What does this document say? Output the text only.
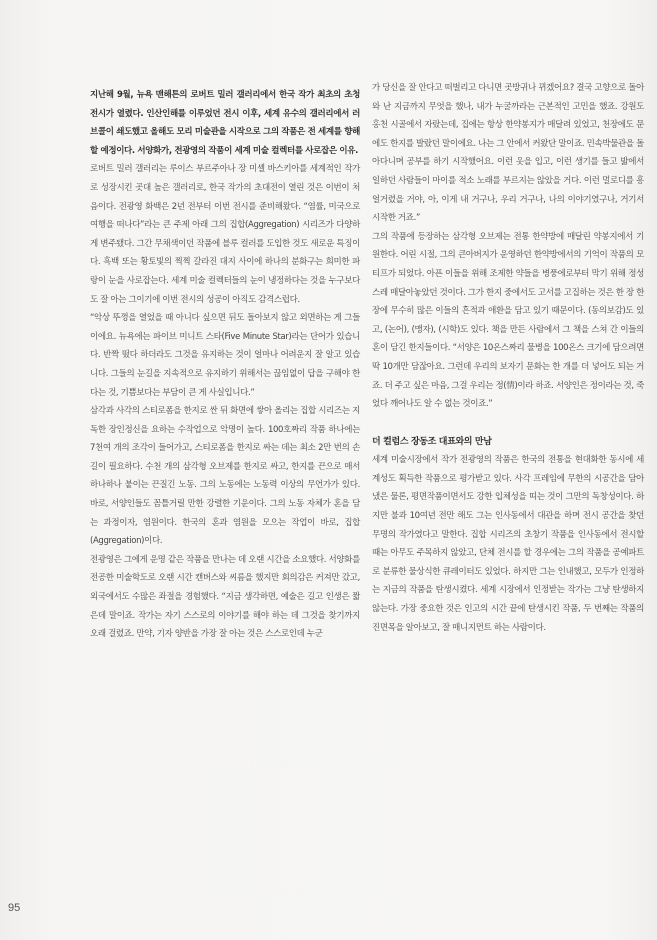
지난해 9월, 뉴욕 맨해튼의 로버트 밀러 갤러리에서 한국 작가 최초의 초청 전시가 열렸다. 인산인해를 이루었던 전시 이후, 세계 유수의 갤러리에서 러브콜이 쇄도했고 올해도 모리 미술관을 시작으로 그의 작품은 전 세계를 향해할 예정이다. 서양화가, 전광영의 작품이 세계 미술 컬렉터를 사로잡은 이유.

로버트 밀러 갤러리는 루이스 부르주아나 장 미셸 바스키아를 세계적인 작가로 성장시킨 곳대 높은 갤러리로, 한국 작가의 초대전이 열린 것은 이번이 처음이다. 전광영 화백은 2년 전부터 이번 전시를 준비해왔다. “염률, 미국으로 여행을 떠나다”라는 큰 주제 아래 그의 집합(Aggregation) 시리즈가 다양하게 변주됐다. 그간 무채색이던 작품에 블루 컬러를 도입한 것도 새로운 특징이다. 흑백 또는 황토빛의 찍찍 갈라진 대지 사이에 하나의 분화구는 희미한 파랑이 눈을 사로잡는다. 세계 미술 컬렉터들의 눈이 냉정하다는 것을 누구보다도 잘 아는 그이기에 이번 전시의 성공이 아직도 감격스럽다.

“악상 뚜껑을 열었을 때 아니다 싶으면 뒤도 돌아보지 않고 외면하는 게 그들이에요. 뉴욕에는 파이브 미니트 스타(Five Minute Star)라는 단어가 있습니다. 반짝 떴다 하더라도 그것을 유지하는 것이 얼마나 어려운지 잘 알고 있습니다. 그들의 눈길을 지속적으로 유지하기 위해서는 끊임없이 답을 구해야 한다는 것, 기쁨보다는 부담이 큰 게 사실입니다.”

삼각과 사각의 스티로폼을 한지로 싼 뒤 화면에 쌓아 올리는 집합 시리즈는 지독한 장인정신을 요하는 수작업으로 악명이 높다. 100호짜리 작품 하나에는 7천여 개의 조각이 들어가고, 스티로폼을 한지로 싸는 데는 최소 2만 번의 손길이 필요하다. 수천 개의 삼각형 오브제를 한지로 싸고, 한지를 끈으로 매서 하나하나 붙이는 끈질긴 노동. 그의 노동에는 노동력 이상의 무언가가 있다. 바로, 서양인들도 꼼틀거릴 만한 강렬한 기운이다. 그의 노동 자체가 혼을 담는 과정이자, 염원이다. 한국의 혼과 염원을 모으는 작업이 바로, 집합(Aggregation)이다.

전광영은 그에게 운명 같은 작품을 만나는 데 오랜 시간을 소요했다. 서양화를 전공한 미술학도로 오랜 시간 캔버스와 씨름을 했지만 회의감은 커져만 갔고, 외국에서도 수많은 좌절을 경험했다. “지금 생각하면, 예술은 길고 인생은 짧은데 말이죠. 작가는 자기 스스로의 이야기를 해야 하는 데 그것을 찾기까지 오래 걸렸죠. 만약, 기자 양반을 가장 잘 아는 것은 스스로인데 누군

가 당신을 잘 안다고 떠벌리고 다니면 곳방귀나 뀌겠어요? 결국 고향으로 돌아와 난 지금까지 무엇을 했나, 내가 누굴까라는 근본적인 고민을 했죠. 강원도 홍천 시골에서 자랐는데, 집에는 항상 한약봉지가 매달려 있었고, 천장에도 문에도 한지를 발랐던 말이에요. 나는 그 안에서 커왔단 말이죠. 민속박물관을 돌아다니며 공부를 하기 시작했어요. 이런 옷을 입고, 이런 생기를 들고 밟에서 일하던 사람들이 마이를 적소 노래를 부르지는 않았을 거다. 이런 멀로디를 흥얼거렸을 거야, 아, 이게 내 거구나, 우리 거구나, 나의 이야기였구나, 거기서 시작한 거죠.”

그의 작품에 등장하는 삼각형 오브제는 전통 한약방에 매달린 약봉지에서 기원한다. 어린 시절, 그의 큰아버지가 운영하던 한약방에서의 기억이 작품의 모티프가 되었다. 아픈 이들을 위해 조제한 약들을 병풍에로부터 막기 위해 정성스레 매달아놓았던 것이다. 그가 한지 중에서도 고서를 고집하는 것은 한 장 한 장에 무수히 많은 이들의 흔적과 애환을 담고 있기 때문이다. (동의보감)도 있고, (논어), (맹자), (시학)도 있다. 책을 만든 사람에서 그 책을 스쳐 간 이들의 혼이 담긴 한지들이다. “서양은 10온스짜리 물병을 100온스 크기에 담으려면 딱 10개만 담잖아요. 그런데 우리의 보자기 문화는 한 개를 더 넣어도 되는 거죠. 더 주고 싶은 마음, 그걸 우리는 정(情)이라 하죠. 서양인은 정이라는 것, 죽었다 깨어나도 알 수 없는 것이죠.”

더 컬럼스 장동조 대표와의 만남

세계 미술시장에서 작가 전광영의 작품은 한국의 전통을 현대화한 동시에 세계성도 획득한 작품으로 평가받고 있다. 사각 프레임에 무한의 시공간을 담아냈은 물론, 평면작품이면서도 강한 입체성을 띠는 것이 그만의 독창성이다. 하지만 불과 10여년 전만 해도 그는 인사동에서 대관을 하며 전시 공간을 찾던 무명의 작가였다고 말한다. 집합 시리즈의 초창기 작품을 인사동에서 전시할 때는 아무도 주목하지 않았고, 단체 전시를 할 경우에는 그의 작품을 공예파트로 분류한 물상식한 큐레이터도 있었다. 하지만 그는 인내했고, 모두가 인정하는 지금의 작품을 탄생시켰다. 세계 시장에서 인정받는 작가는 그냥 탄생하지 않는다. 가장 중요한 것은 인고의 시간 끝에 탄생시킨 작품, 두 번째는 작품의 진면목을 알아보고, 잘 매니지먼트 하는 사람이다.

95
